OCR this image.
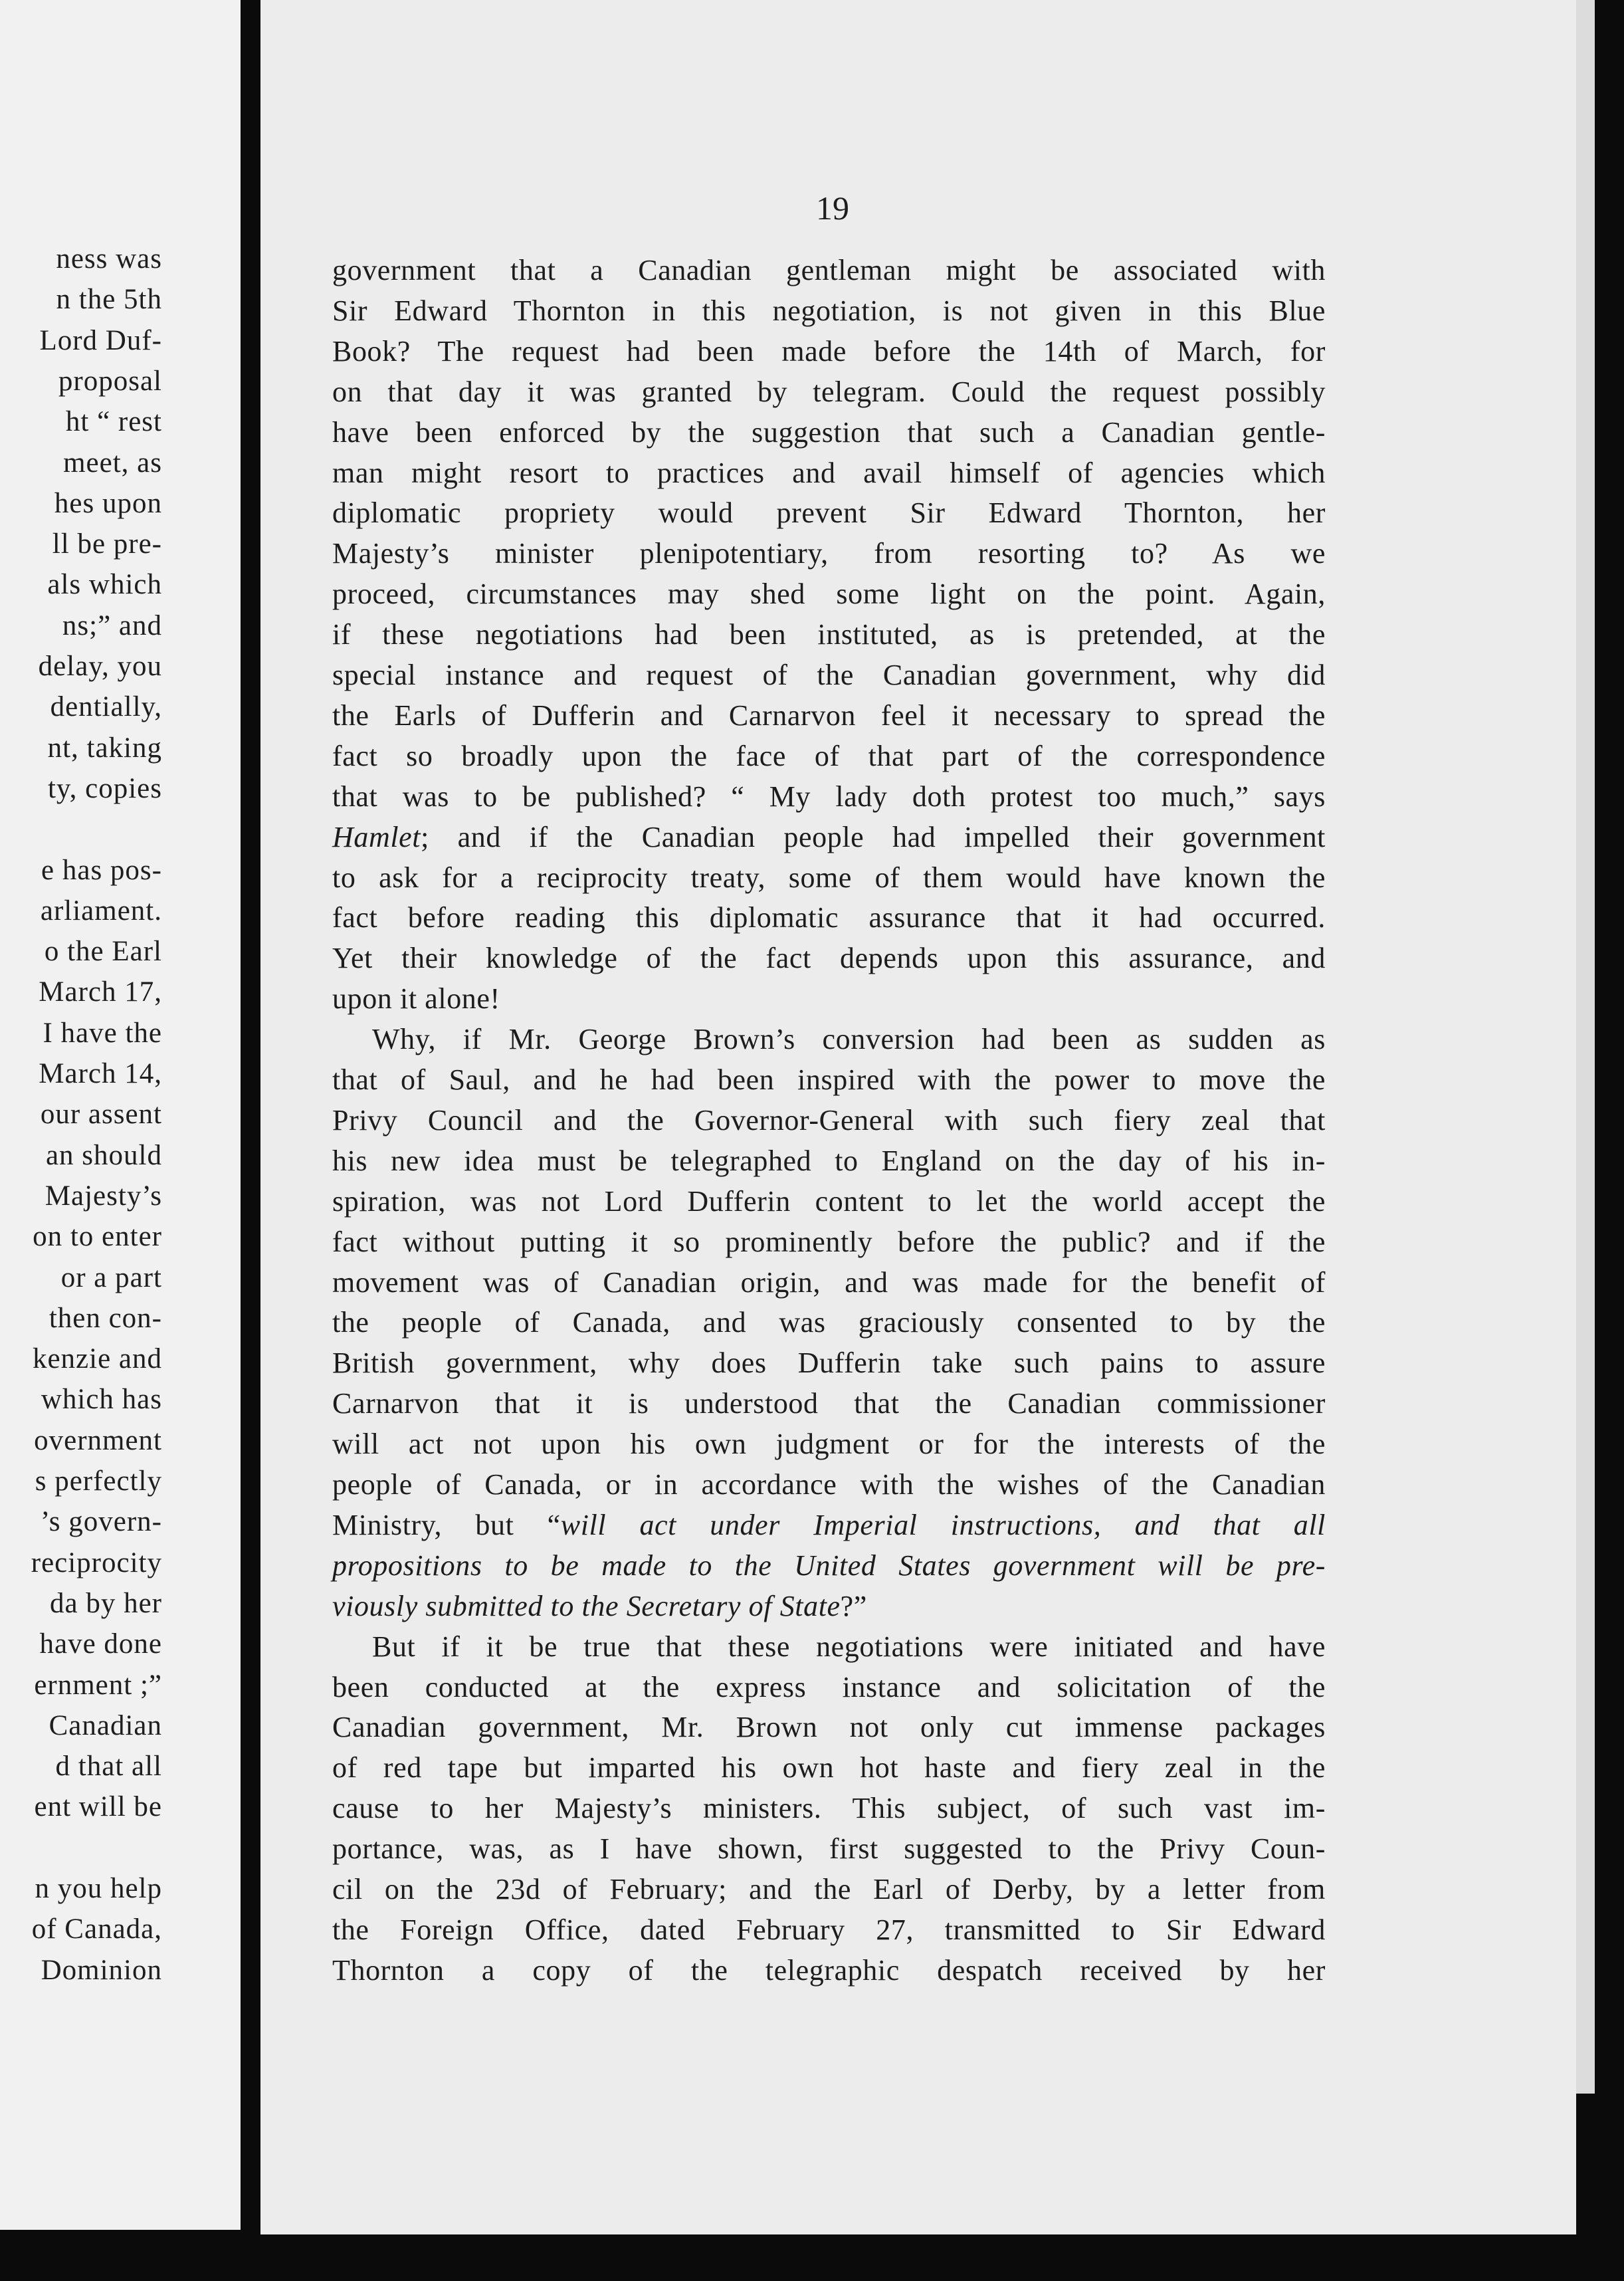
ness was
n the 5th
Lord Duf-
proposal
ht “ rest
meet, as
hes upon
ll be pre-
als which
ns;” and
delay, you
dentially,
nt, taking
ty, copies
e has pos-
arliament.
o the Earl
March 17,
I have the
March 14,
our assent
an should
Majesty’s
on to enter
or a part
then con-
kenzie and
which has
overnment
s perfectly
’s govern-
reciprocity
da by her
have done
ernment ;”
Canadian
d that all
ent will be
n you help
of Canada,
Dominion
19
government that a Canadian gentleman might be associated with
Sir Edward Thornton in this negotiation, is not given in this Blue
Book? The request had been made before the 14th of March, for
on that day it was granted by telegram. Could the request possibly
have been enforced by the suggestion that such a Canadian gentle-
man might resort to practices and avail himself of agencies which
diplomatic propriety would prevent Sir Edward Thornton, her
Majesty’s minister plenipotentiary, from resorting to? As we
proceed, circumstances may shed some light on the point. Again,
if these negotiations had been instituted, as is pretended, at the
special instance and request of the Canadian government, why did
the Earls of Dufferin and Carnarvon feel it necessary to spread the
fact so broadly upon the face of that part of the correspondence
that was to be published? “ My lady doth protest too much,” says
Hamlet; and if the Canadian people had impelled their government
to ask for a reciprocity treaty, some of them would have known the
fact before reading this diplomatic assurance that it had occurred.
Yet their knowledge of the fact depends upon this assurance, and
upon it alone!
Why, if Mr. George Brown’s conversion had been as sudden as
that of Saul, and he had been inspired with the power to move the
Privy Council and the Governor-General with such fiery zeal that
his new idea must be telegraphed to England on the day of his in-
spiration, was not Lord Dufferin content to let the world accept the
fact without putting it so prominently before the public? and if the
movement was of Canadian origin, and was made for the benefit of
the people of Canada, and was graciously consented to by the
British government, why does Dufferin take such pains to assure
Carnarvon that it is understood that the Canadian commissioner
will act not upon his own judgment or for the interests of the
people of Canada, or in accordance with the wishes of the Canadian
Ministry, but “will act under Imperial instructions, and that all
propositions to be made to the United States government will be pre-
viously submitted to the Secretary of State?”
But if it be true that these negotiations were initiated and have
been conducted at the express instance and solicitation of the
Canadian government, Mr. Brown not only cut immense packages
of red tape but imparted his own hot haste and fiery zeal in the
cause to her Majesty’s ministers. This subject, of such vast im-
portance, was, as I have shown, first suggested to the Privy Coun-
cil on the 23d of February; and the Earl of Derby, by a letter from
the Foreign Office, dated February 27, transmitted to Sir Edward
Thornton a copy of the telegraphic despatch received by her
